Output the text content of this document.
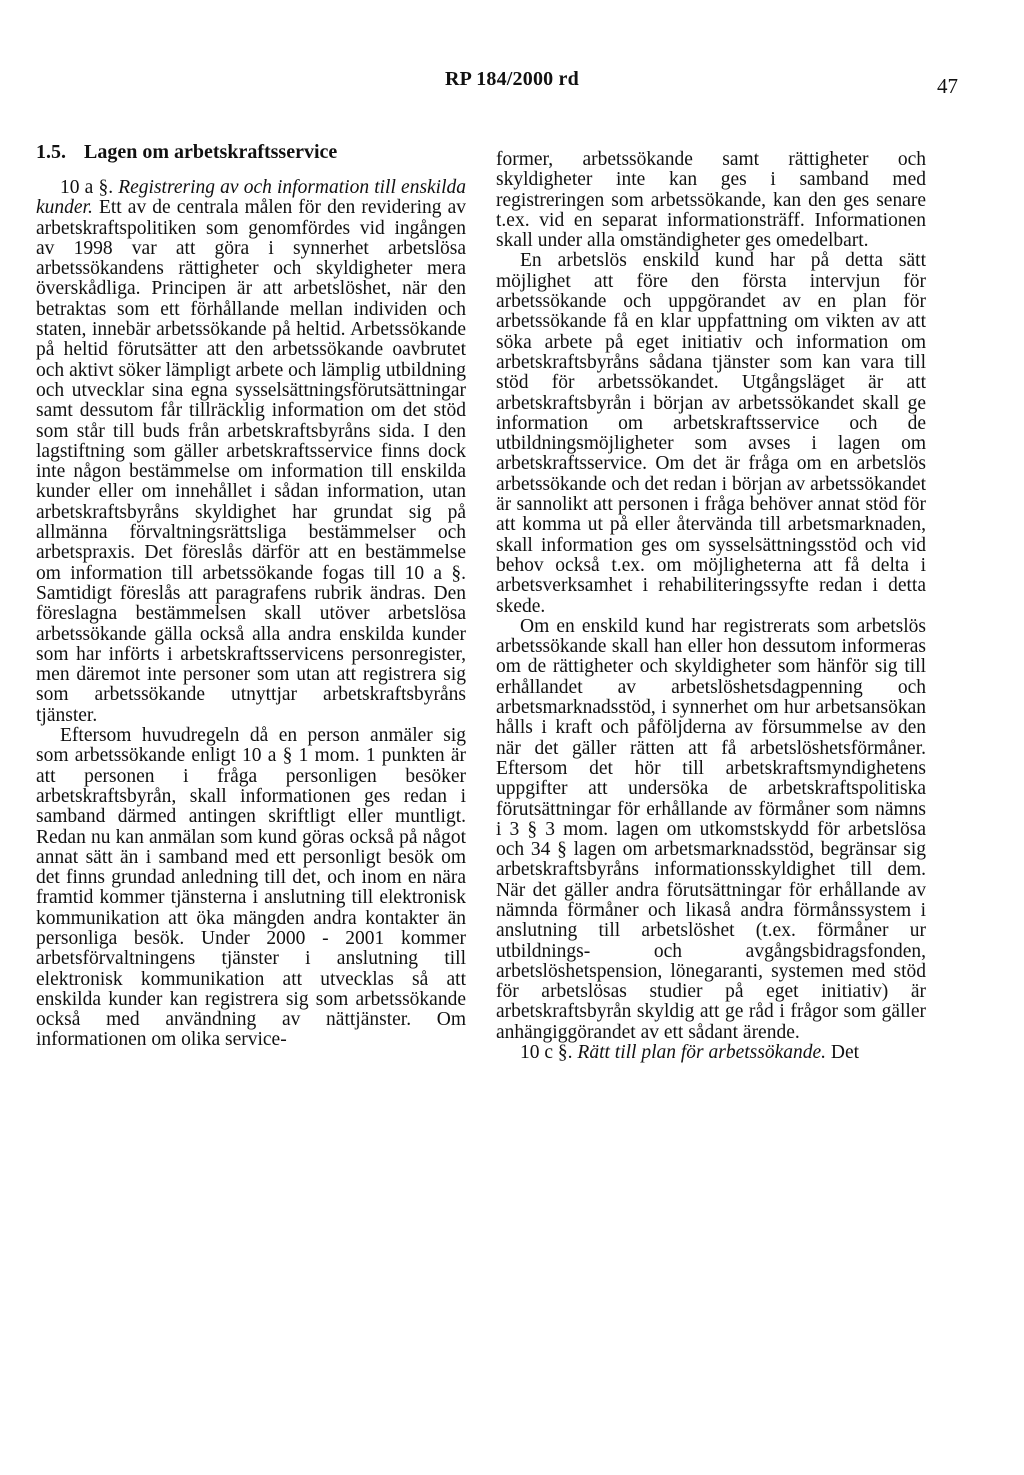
RP 184/2000 rd	47
1.5. Lagen om arbetskraftsservice

10 a §. Registrering av och information till enskilda kunder. Ett av de centrala målen för den revidering av arbetskraftspolitiken som genomfördes vid ingången av 1998 var att göra i synnerhet arbetslösa arbetssökandens rättigheter och skyldigheter mera överskådliga. Principen är att arbetslöshet, när den betraktas som ett förhållande mellan individen och staten, innebär arbetssökande på heltid. Arbetssökande på heltid förutsätter att den arbetssökande oavbrutet och aktivt söker lämpligt arbete och lämplig utbildning och utvecklar sina egna sysselsättningsförutsättningar samt dessutom får tillräcklig information om det stöd som står till buds från arbetskraftsbyråns sida. I den lagstiftning som gäller arbetskraftsservice finns dock inte någon bestämmelse om information till enskilda kunder eller om innehållet i sådan information, utan arbetskraftsbyråns skyldighet har grundat sig på allmänna förvaltningsrättsliga bestämmelser och arbetspraxis. Det föreslås därför att en bestämmelse om information till arbetssökande fogas till 10 a §. Samtidigt föreslås att paragrafens rubrik ändras. Den föreslagna bestämmelsen skall utöver arbetslösa arbetssökande gälla också alla andra enskilda kunder som har införts i arbetskraftsservicens personregister, men däremot inte personer som utan att registrera sig som arbetssökande utnyttjar arbetskraftsbyråns tjänster.

Eftersom huvudregeln då en person anmäler sig som arbetssökande enligt 10 a § 1 mom. 1 punkten är att personen i fråga personligen besöker arbetskraftsbyrån, skall informationen ges redan i samband därmed antingen skriftligt eller muntligt. Redan nu kan anmälan som kund göras också på något annat sätt än i samband med ett personligt besök om det finns grundad anledning till det, och inom en nära framtid kommer tjänsterna i anslutning till elektronisk kommunikation att öka mängden andra kontakter än personliga besök. Under 2000 - 2001 kommer arbetsförvaltningens tjänster i anslutning till elektronisk kommunikation att utvecklas så att enskilda kunder kan registrera sig som arbetssökande också med användning av nättjänster. Om informationen om olika service-

former, arbetssökande samt rättigheter och skyldigheter inte kan ges i samband med registreringen som arbetssökande, kan den ges senare t.ex. vid en separat informationsträff. Informationen skall under alla omständigheter ges omedelbart.

En arbetslös enskild kund har på detta sätt möjlighet att före den första intervjun för arbetssökande och uppgörandet av en plan för arbetssökande få en klar uppfattning om vikten av att söka arbete på eget initiativ och information om arbetskraftsbyråns sådana tjänster som kan vara till stöd för arbetssökandet. Utgångsläget är att arbetskraftsbyrån i början av arbetssökandet skall ge information om arbetskraftsservice och de utbildningsmöjligheter som avses i lagen om arbetskraftsservice. Om det är fråga om en arbetslös arbetssökande och det redan i början av arbetssökandet är sannolikt att personen i fråga behöver annat stöd för att komma ut på eller återvända till arbetsmarknaden, skall information ges om sysselsättningsstöd och vid behov också t.ex. om möjligheterna att få delta i arbetsverksamhet i rehabiliteringssyfte redan i detta skede.

Om en enskild kund har registrerats som arbetslös arbetssökande skall han eller hon dessutom informeras om de rättigheter och skyldigheter som hänför sig till erhållandet av arbetslöshetsdagpenning och arbetsmarknadsstöd, i synnerhet om hur arbetsansökan hålls i kraft och påföljderna av försummelse av den när det gäller rätten att få arbetslöshetsförmåner. Eftersom det hör till arbetskraftsmyndighetens uppgifter att undersöka de arbetskraftspolitiska förutsättningar för erhållande av förmåner som nämns i 3 § 3 mom. lagen om utkomstskydd för arbetslösa och 34 § lagen om arbetsmarknadsstöd, begränsar sig arbetskraftsbyråns informationsskyldighet till dem. När det gäller andra förutsättningar för erhållande av nämnda förmåner och likaså andra förmånssystem i anslutning till arbetslöshet (t.ex. förmåner ur utbildnings- och avgångsbidragsfonden, arbetslöshetspension, lönegaranti, systemen med stöd för arbetslösas studier på eget initiativ) är arbetskraftsbyrån skyldig att ge råd i frågor som gäller anhängiggörandet av ett sådant ärende.

10 c §. Rätt till plan för arbetssökande. Det
